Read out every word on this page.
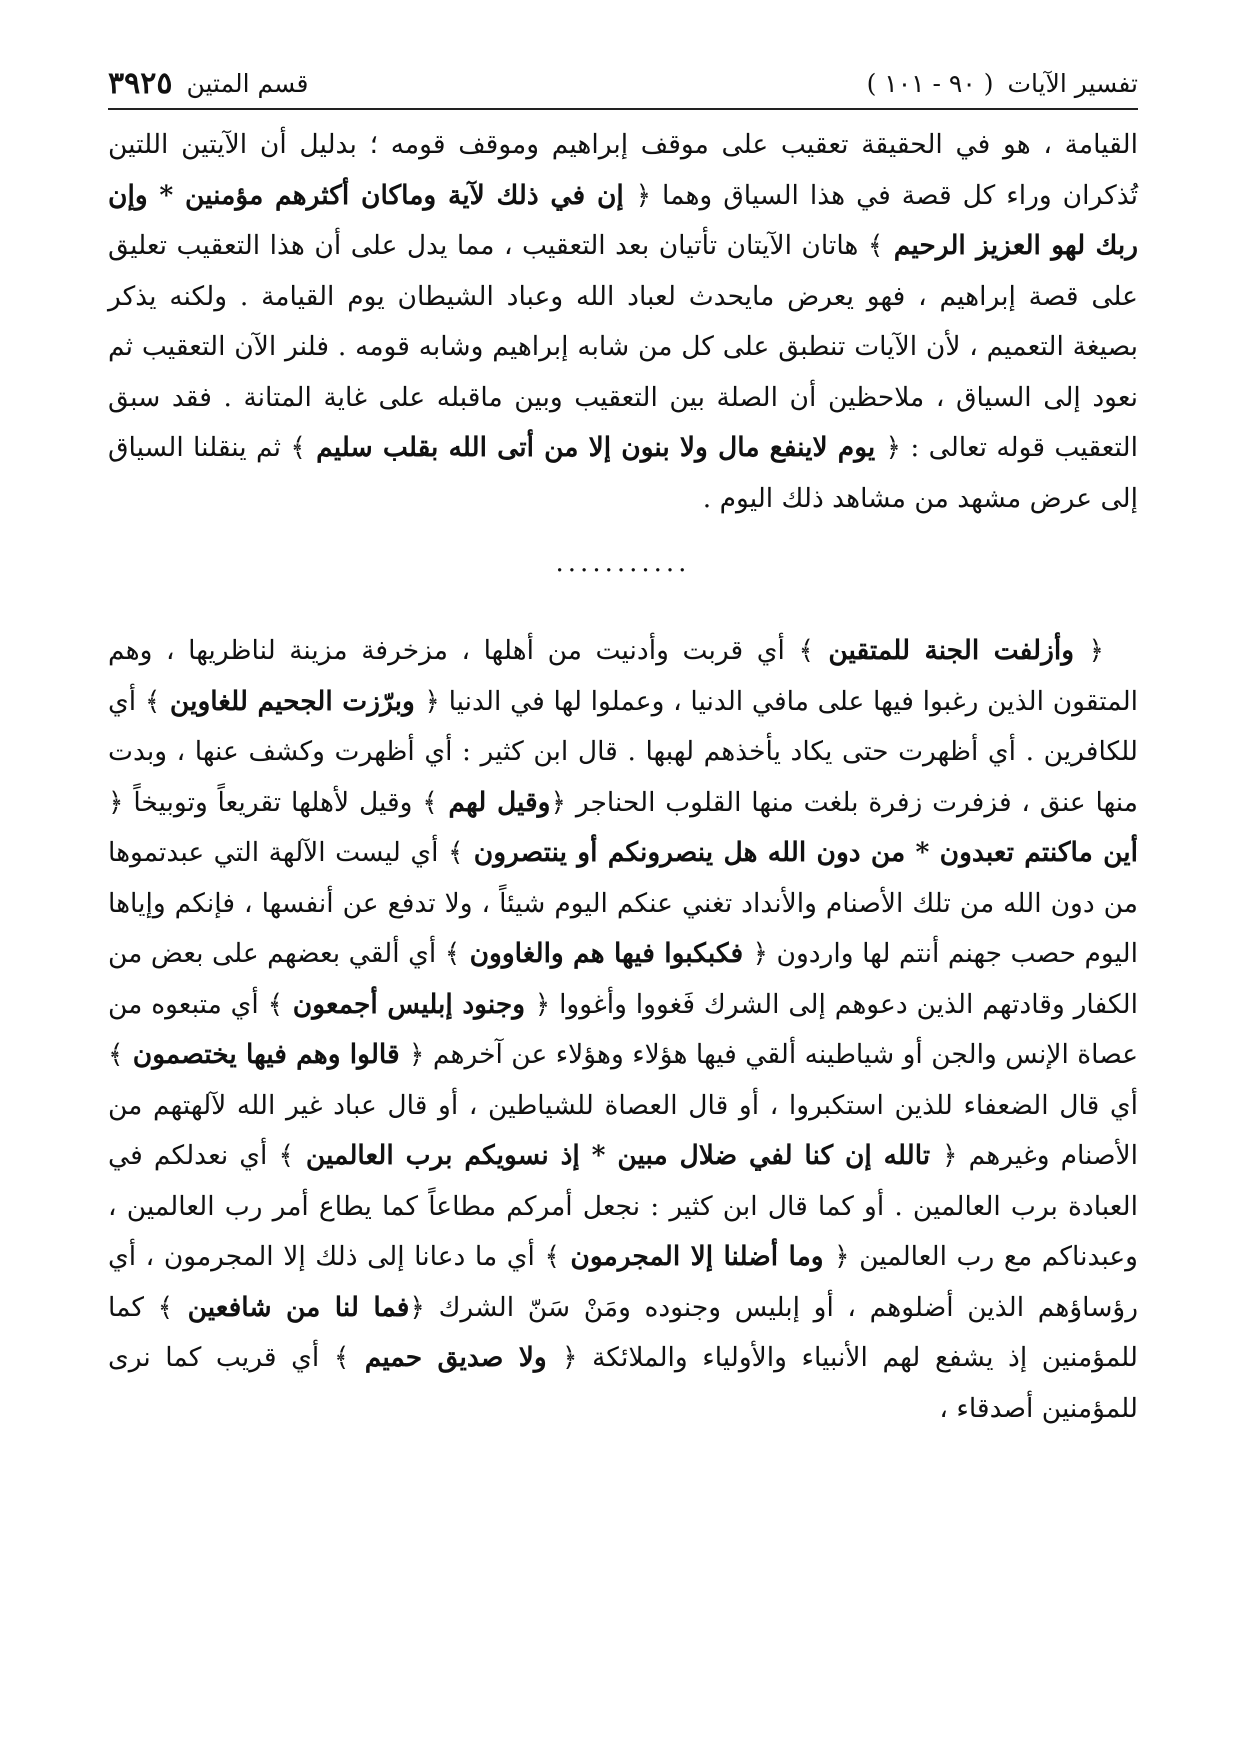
تفسير الآيات
( ٩٠ - ١٠١ )
قسم المتين
٣٩٢٥

القيامة ، هو في الحقيقة تعقيب على موقف إبراهيم وموقف قومه ؛ بدليل أن الآيتين اللتين تُذكران وراء كل قصة في هذا السياق وهما ﴿ إن في ذلك لآية وماكان أكثرهم مؤمنين * وإن ربك لهو العزيز الرحيم ﴾ هاتان الآيتان تأتيان بعد التعقيب ، مما يدل على أن هذا التعقيب تعليق على قصة إبراهيم ، فهو يعرض مايحدث لعباد الله وعباد الشيطان يوم القيامة . ولكنه يذكر بصيغة التعميم ، لأن الآيات تنطبق على كل من شابه إبراهيم وشابه قومه . فلنر الآن التعقيب ثم نعود إلى السياق ، ملاحظين أن الصلة بين التعقيب وبين ماقبله على غاية المتانة . فقد سبق التعقيب قوله تعالى : ﴿ يوم لاينفع مال ولا بنون إلا من أتى الله بقلب سليم ﴾ ثم ينقلنا السياق إلى عرض مشهد من مشاهد ذلك اليوم .

...........

﴿ وأزلفت الجنة للمتقين ﴾ أي قربت وأدنيت من أهلها ، مزخرفة مزينة لناظريها ، وهم المتقون الذين رغبوا فيها على مافي الدنيا ، وعملوا لها في الدنيا ﴿ وبرّزت الجحيم للغاوين ﴾ أي للكافرين . أي أظهرت حتى يكاد يأخذهم لهبها . قال ابن كثير : أي أظهرت وكشف عنها ، وبدت منها عنق ، فزفرت زفرة بلغت منها القلوب الحناجر ﴿وقيل لهم ﴾ وقيل لأهلها تقريعاً وتوبيخاً ﴿ أين ماكنتم تعبدون * من دون الله هل ينصرونكم أو ينتصرون ﴾ أي ليست الآلهة التي عبدتموها من دون الله من تلك الأصنام والأنداد تغني عنكم اليوم شيئاً ، ولا تدفع عن أنفسها ، فإنكم وإياها اليوم حصب جهنم أنتم لها واردون ﴿ فكبكبوا فيها هم والغاوون ﴾ أي ألقي بعضهم على بعض من الكفار وقادتهم الذين دعوهم إلى الشرك فَغووا وأغووا ﴿ وجنود إبليس أجمعون ﴾ أي متبعوه من عصاة الإنس والجن أو شياطينه ألقي فيها هؤلاء وهؤلاء عن آخرهم ﴿ قالوا وهم فيها يختصمون ﴾ أي قال الضعفاء للذين استكبروا ، أو قال العصاة للشياطين ، أو قال عباد غير الله لآلهتهم من الأصنام وغيرهم ﴿ تالله إن كنا لفي ضلال مبين * إذ نسويكم برب العالمين ﴾ أي نعدلكم في العبادة برب العالمين . أو كما قال ابن كثير : نجعل أمركم مطاعاً كما يطاع أمر رب العالمين ، وعبدناكم مع رب العالمين ﴿ وما أضلنا إلا المجرمون ﴾ أي ما دعانا إلى ذلك إلا المجرمون ، أي رؤساؤهم الذين أضلوهم ، أو إبليس وجنوده ومَنْ سَنّ الشرك ﴿فما لنا من شافعين ﴾ كما للمؤمنين إذ يشفع لهم الأنبياء والأولياء والملائكة ﴿ ولا صديق حميم ﴾ أي قريب كما نرى للمؤمنين أصدقاء ،
